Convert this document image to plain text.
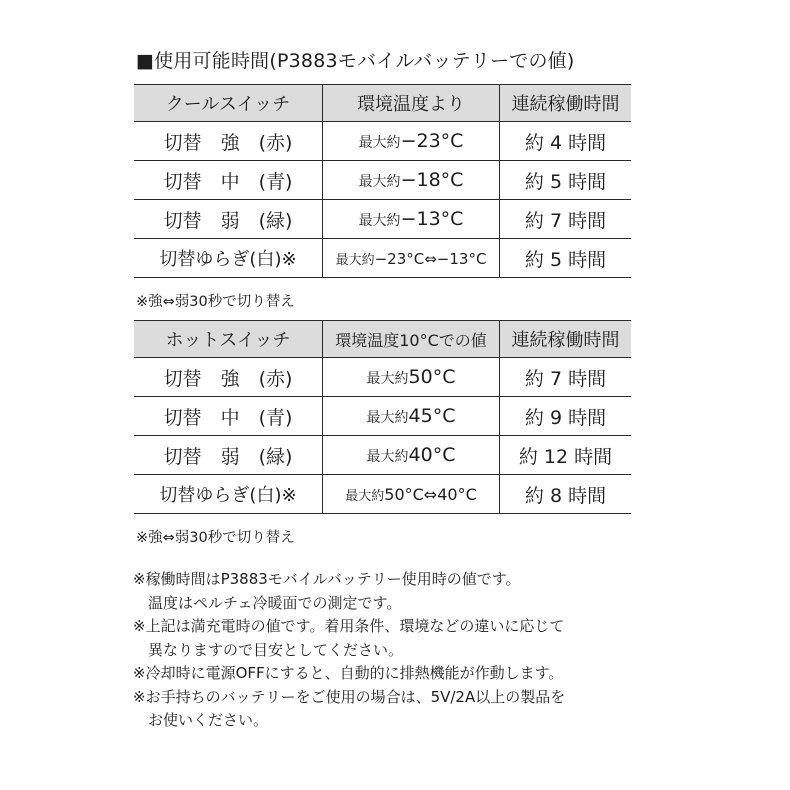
■使用可能時間(P3883モバイルバッテリーでの値)
クールスイッチ	環境温度より	連続稼働時間
切替　強　(赤)	最大約−23°C	約 4 時間
切替　中　(青)	最大約−18°C	約 5 時間
切替　弱　(緑)	最大約−13°C	約 7 時間
切替ゆらぎ(白)※	最大約−23°C⇔−13°C	約 5 時間
※強⇔弱30秒で切り替え
ホットスイッチ	環境温度10°Cでの値	連続稼働時間
切替　強　(赤)	最大約50°C	約 7 時間
切替　中　(青)	最大約45°C	約 9 時間
切替　弱　(緑)	最大約40°C	約 12 時間
切替ゆらぎ(白)※	最大約50°C⇔40°C	約 8 時間
※強⇔弱30秒で切り替え
※稼働時間はP3883モバイルバッテリー使用時の値です。
　温度はペルチェ冷暖面での測定です。
※上記は満充電時の値です。着用条件、環境などの違いに応じて
　異なりますので目安としてください。
※冷却時に電源OFFにすると、自動的に排熱機能が作動します。
※お手持ちのバッテリーをご使用の場合は、5V/2A以上の製品を
　お使いください。
